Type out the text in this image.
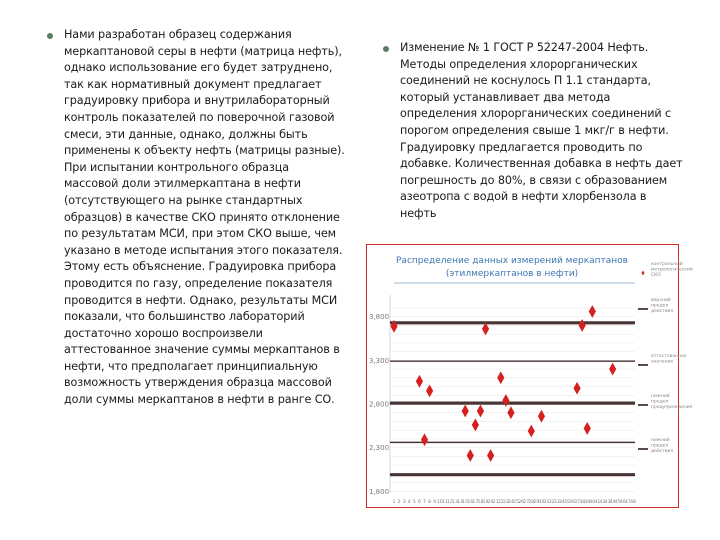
Нами разработан образец содержания меркаптановой серы в нефти (матрица нефть), однако использование его будет затруднено, так как нормативный документ предлагает градуировку прибора и внутрилабораторный контроль показателей по поверочной газовой смеси, эти данные, однако, должны быть применены к объекту нефть (матрицы разные). При испытании контрольного образца массовой доли этилмеркаптана в нефти (отсутствующего на рынке стандартных образцов) в качестве СКО принято отклонение по результатам МСИ, при этом СКО выше, чем указано в методе испытания этого показателя. Этому есть объяснение. Градуировка прибора проводится по газу, определение показателя проводится в нефти. Однако, результаты МСИ показали, что большинство лабораторий достаточно хорошо воспроизвели аттестованное значение суммы меркаптанов в нефти, что предполагает принципиальную возможность утверждения образца массовой доли суммы меркаптанов в нефти в ранге СО.
Изменение № 1 ГОСТ Р 52247-2004 Нефть. Методы определения хлорорганических соединений не коснулось П 1.1 стандарта, который устанавливает два метода определения хлорорганических соединений с порогом определения свыше 1 мкг/г в нефти. Градуировку предлагается проводить по добавке. Количественная добавка в нефть дает погрешность до 80%, в связи с образованием азеотропа с водой в нефти хлорбензола в нефть
Распределение данных измерений меркаптанов
(этилмеркаптанов в нефти)
3,800
3,300
2,800
2,300
1,800
1 2 3 4 5 6 7 8 9 10 11 12 13 14 15 16 17 18 19 20 21 22 23 24 25 26 27 28 29 30 31 32 33 34 35 36 37 38 39 40 41 42 43 44 45 46 47 48
контрольный метрологический СКО
верхний предел действия
аттестованное значение
нижний предел предупреждения
нижний предел действия
